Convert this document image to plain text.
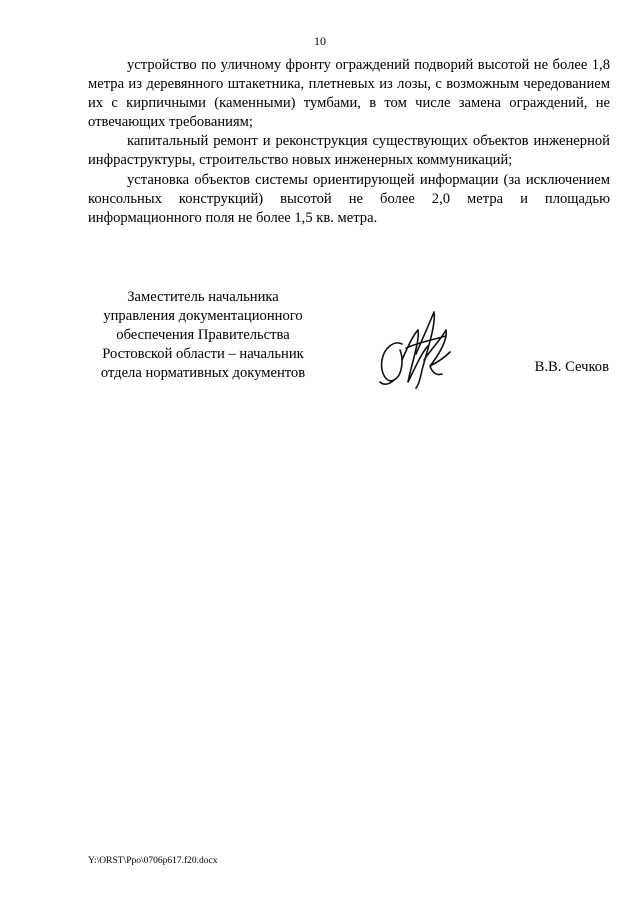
10

устройство по уличному фронту ограждений подворий высотой не более 1,8 метра из деревянного штакетника, плетневых из лозы, с возможным чередованием их с кирпичными (каменными) тумбами, в том числе замена ограждений, не отвечающих требованиям;

капитальный ремонт и реконструкция существующих объектов инженерной инфраструктуры, строительство новых инженерных коммуникаций;

установка объектов системы ориентирующей информации (за исключением консольных конструкций) высотой не более 2,0 метра и площадью информационного поля не более 1,5 кв. метра.

Заместитель начальника
управления документационного
обеспечения Правительства
Ростовской области – начальник
отдела нормативных документов	В.В. Сечков
Y:\ORST\Ppo\0706p617.f20.docx
